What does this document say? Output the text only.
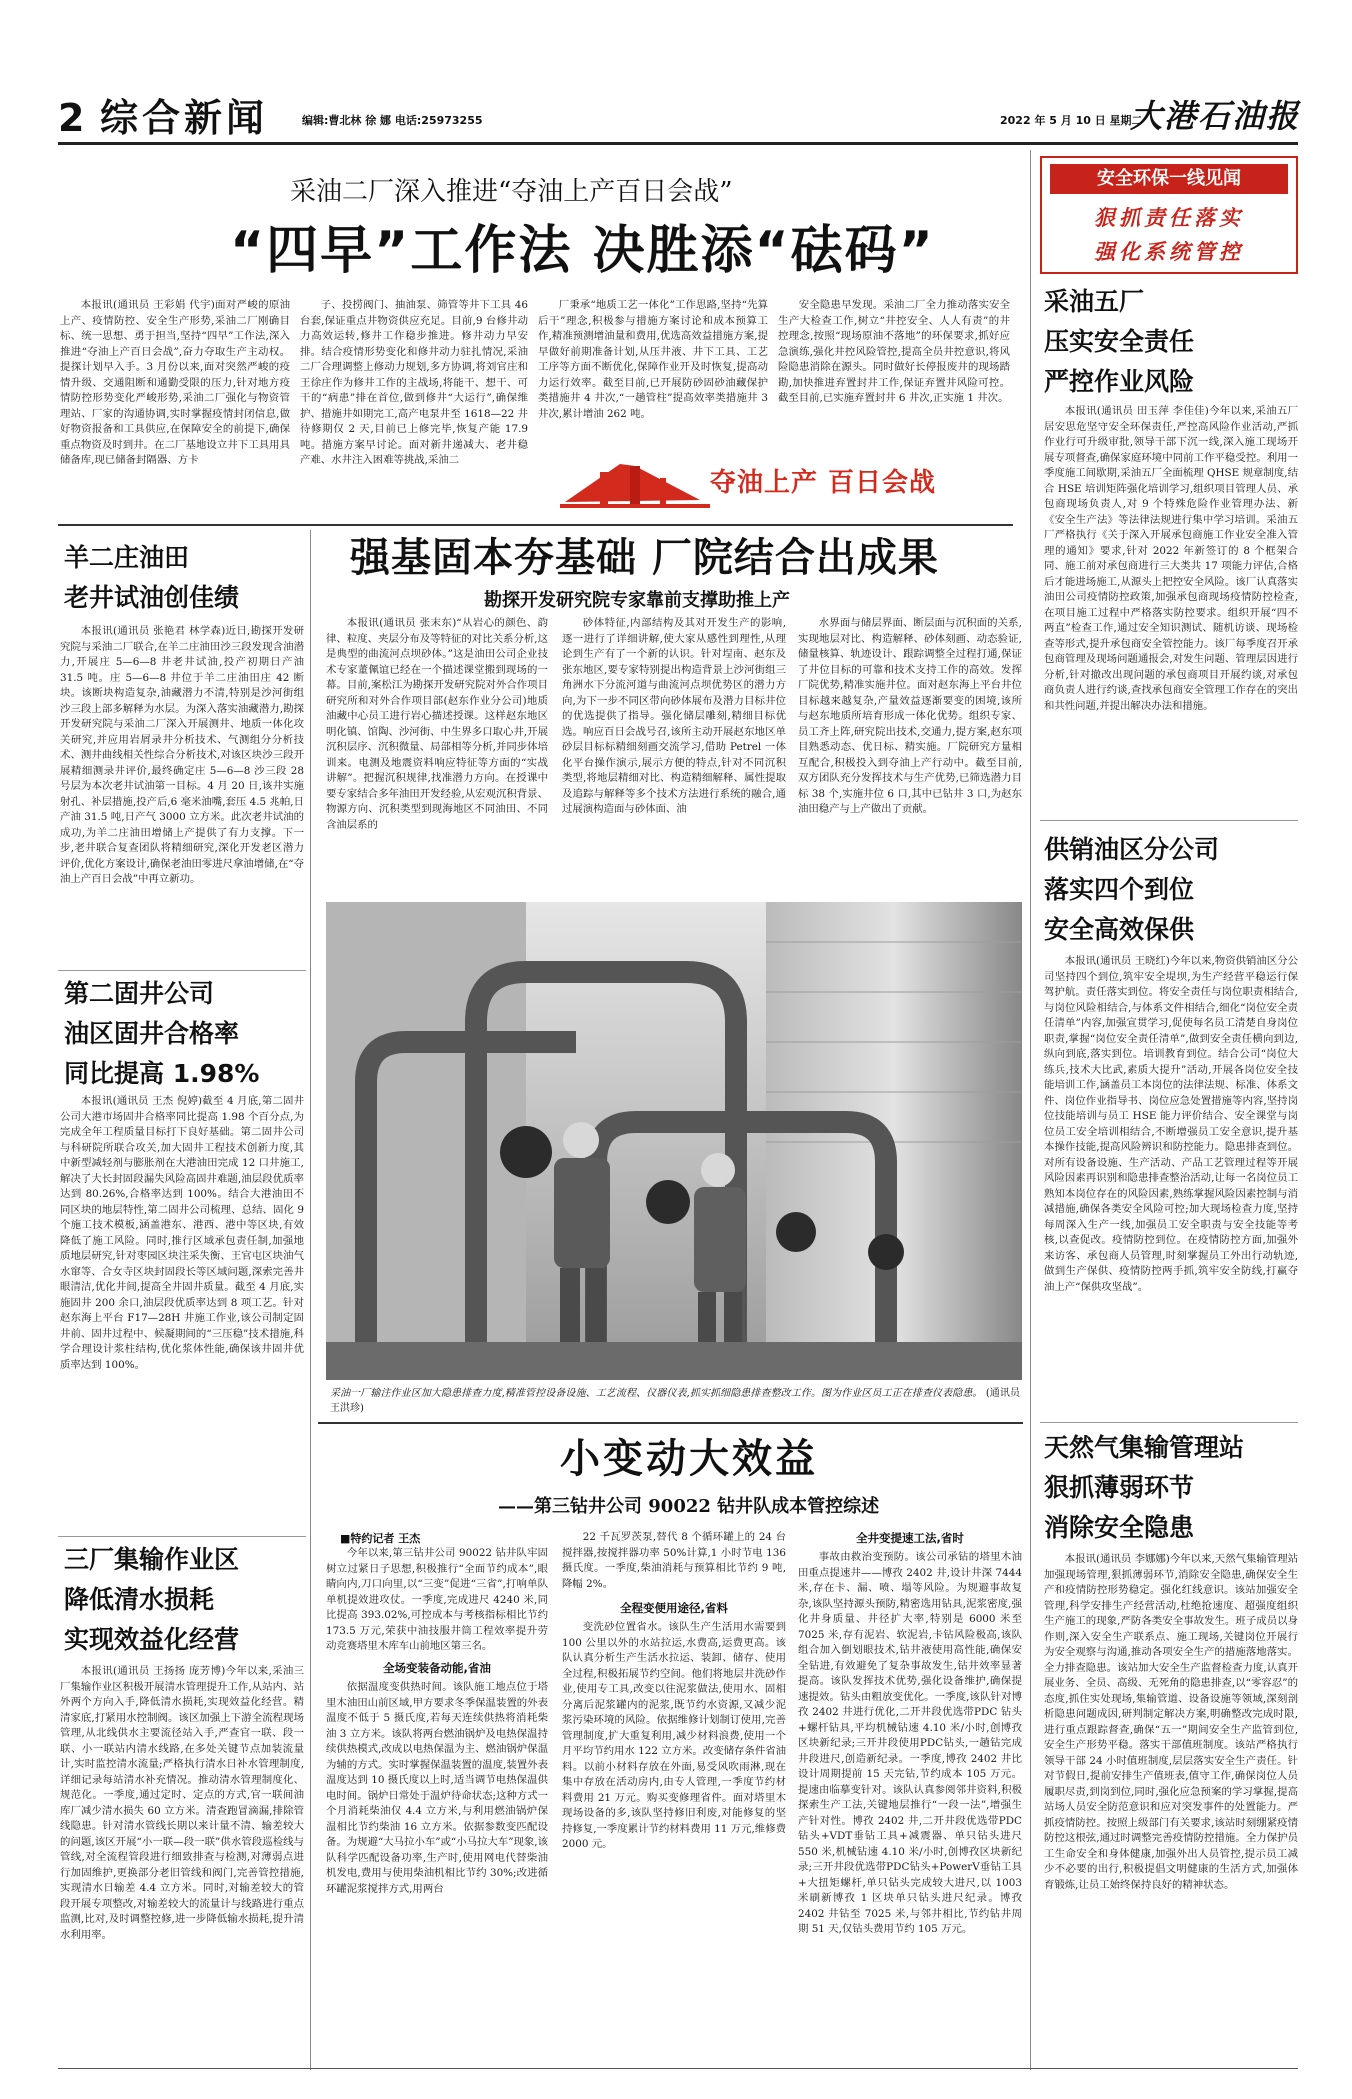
2 综合新闻	编辑:曹北林 徐 娜 电话:25973255	2022 年 5 月 10 日 星期二
大港石油报
采油二厂深入推进“夺油上产百日会战”
“四早”工作法 决胜添“砝码”
本报讯(通讯员 王彩娟 代宇)面对严峻的原油上产、疫情防控、安全生产形势,采油二厂刚确目标、统一思想、勇于担当,坚持“四早”工作法,深入推进“夺油上产百日会战”,奋力夺取生产主动权。提探计划早入手。3 月份以来,面对突然严峻的疫情升级、交通阻断和通勤受限的压力,针对地方疫情防控形势变化严峻形势,采油二厂强化与物资管理站、厂家的沟通协调,实时掌握疫情封闭信息,做好物资报备和工具供应,在保障安全的前提下,确保重点物资及时到井。在二厂基地设立井下工具用具储备库,现已储备封隔器、方卡
子、投捞阀门、抽油泵、筛管等井下工具 46 台套,保证重点井物资供应充足。目前,9 台修井动力高效运转,修井工作稳步推进。修井动力早安排。结合疫情形势变化和修井动力驻扎情况,采油二厂合理调整上修动力规划,多方协调,将刘官庄和王徐庄作为修井工作的主战场,将能干、想干、可干的“病患”排在首位,做到修井“大运行”,确保维护、措施井如期完工,高产电泵井至 1618—22 井待修期仅 2 天,目前已上修完毕,恢复产能 17.9 吨。措施方案早讨论。面对新井递减大、老井稳产难、水井注入困难等挑战,采油二
厂秉承“地质工艺一体化”工作思路,坚持“先算后干”理念,积极参与措施方案讨论和成本预算工作,精准预测增油量和费用,优选高效益措施方案,提早做好前期准备计划,从压井液、井下工具、工艺工序等方面不断优化,保障作业开及时恢复,提高动力运行效率。截至目前,已开展防砂固砂油藏保护类措施井 4 井次,“一趟管柱”提高效率类措施井 3 井次,累计增油 262 吨。
安全隐患早发现。采油二厂全力推动落实安全生产大检查工作,树立“井控安全、人人有责”的井控理念,按照“现场原油不落地”的环保要求,抓好应急演练,强化井控风险管控,提高全员井控意识,将风险隐患消除在源头。同时做好长停报废井的现场踏勘,加快推进弃置封井工作,保证弃置井风险可控。截至目前,已实施弃置封井 6 井次,正实施 1 井次。
夺油上产 百日会战
安全环保一线见闻
狠抓责任落实
强化系统管控
采油五厂
压实安全责任
严控作业风险
本报讯(通讯员 田玉萍 李佳佳)今年以来,采油五厂居安思危坚守安全环保责任,严控高风险作业活动,严抓作业行可升级审批,领导干部下沉一线,深入施工现场开展专项督查,确保家庭环境中同前工作平稳受控。利用一季度施工间歇期,采油五厂全面梳理 QHSE 规章制度,结合 HSE 培训矩阵强化培训学习,组织项目管理人员、承包商现场负责人,对 9 个特殊危险作业管理办法、新《安全生产法》等法律法规进行集中学习培训。采油五厂严格执行《关于深入开展承包商施工作业安全准入管理的通知》要求,针对 2022 年新签订的 8 个框架合同、施工前对承包商进行三大类共 17 项能力评估,合格后才能进场施工,从源头上把控安全风险。该厂认真落实油田公司疫情防控政策,加强承包商现场疫情防控检查,在项目施工过程中严格落实防控要求。组织开展“四不两直”检查工作,通过安全知识测试、随机访谈、现场检查等形式,提升承包商安全管控能力。该厂每季度召开承包商管理及现场问题通报会,对发生问题、管理层因进行分析,针对撤改出现问题的承包商项目开展约谈,对承包商负责人进行约谈,查找承包商安全管理工作存在的突出和共性问题,并提出解决办法和措施。
供销油区分公司
落实四个到位
安全高效保供
本报讯(通讯员 王晓红)今年以来,物资供销油区分公司坚持四个到位,筑牢安全堤坝,为生产经营平稳运行保驾护航。责任落实到位。将安全责任与岗位职责相结合,与岗位风险相结合,与体系文件相结合,细化“岗位安全责任清单”内容,加强宣贯学习,促使每名员工清楚自身岗位职责,掌握“岗位安全责任清单”,做到安全责任横向到边,纵向到底,落实到位。培训教育到位。结合公司“岗位大练兵,技术大比武,素质大提升”活动,开展各岗位安全技能培训工作,涵盖员工本岗位的法律法规、标准、体系文件、岗位作业指导书、岗位应急处置措施等内容,坚持岗位技能培训与员工 HSE 能力评价结合、安全课堂与岗位员工安全培训相结合,不断增强员工安全意识,提升基本操作技能,提高风险辨识和防控能力。隐患排查到位。对所有设备设施、生产活动、产品工艺管理过程等开展风险因素再识别和隐患排查整治活动,让每一名岗位员工熟知本岗位存在的风险因素,熟练掌握风险因素控制与消减措施,确保各类安全风险可控;加大现场检查力度,坚持每周深入生产一线,加强员工安全职责与安全技能等考核,以查促改。疫情防控到位。在疫情防控方面,加强外来访客、承包商人员管理,时刻掌握员工外出行动轨迹,做到生产保供、疫情防控两手抓,筑牢安全防线,打赢夺油上产“保供攻坚战”。
天然气集输管理站
狠抓薄弱环节
消除安全隐患
本报讯(通讯员 李娜娜)今年以来,天然气集输管理站加强现场管理,狠抓薄弱环节,消除安全隐患,确保安全生产和疫情防控形势稳定。强化红线意识。该站加强安全管理,科学安排生产经营活动,杜绝抢速度、超强度组织生产施工的现象,严防各类安全事故发生。班子成员以身作则,深入安全生产联系点、施工现场,关键岗位开展行为安全观察与沟通,推动各项安全生产的措施落地落实。全力排查隐患。该站加大安全生产监督检查力度,认真开展业务、全员、高级、无死角的隐患排查,以“零容忍”的态度,抓住实处现场,集输管道、设备设施等领域,深刻剖析隐患问题成因,研判制定解决方案,明确整改完成时限,进行重点跟踪督查,确保“五一”期间安全生产监管到位,安全生产形势平稳。落实干部值班制度。该站严格执行领导干部 24 小时值班制度,层层落实安全生产责任。针对节假日,提前安排生产值班表,值守工作,确保岗位人员履职尽责,到岗到位,同时,强化应急预案的学习掌握,提高站场人员安全防范意识和应对突发事件的处置能力。严抓疫情防控。按照上级部门有关要求,该站时刻绷紧疫情防控这根弦,通过时调整完善疫情防控措施。全力保护员工生命安全和身体健康,加强外出人员管控,提示员工减少不必要的出行,积极提倡文明健康的生活方式,加强体育锻炼,让员工始终保持良好的精神状态。
羊二庄油田
老井试油创佳绩
本报讯(通讯员 张艳君 林学森)近日,勘探开发研究院与采油二厂联合,在羊二庄油田沙三段发现含油潜力,开展庄 5—6—8 井老井试油,投产初期日产油 31.5 吨。庄 5—6—8 井位于羊二庄油田庄 42 断块。该断块构造复杂,油藏潜力不清,特别是沙河街组沙三段上部多解释为水层。为深入落实油藏潜力,勘探开发研究院与采油二厂深入开展测井、地质一体化攻关研究,并应用岩屑录井分析技术、气测组分分析技术、测井曲线相关性综合分析技术,对该区块沙三段开展精细测录井评价,最终确定庄 5—6—8 沙三段 28 号层为本次老井试油第一目标。4 月 20 日,该井实施射孔、补层措施,投产后,6 毫米油嘴,套压 4.5 兆帕,日产油 31.5 吨,日产气 3000 立方米。此次老井试油的成功,为羊二庄油田增储上产提供了有力支撑。下一步,老井联合复查团队将精细研究,深化开发老区潜力评价,优化方案设计,确保老油田零进尺拿油增储,在“夺油上产百日会战”中再立新功。
第二固井公司
油区固井合格率
同比提高 1.98%
本报讯(通讯员 王杰 倪婷)截至 4 月底,第二固井公司大港市场固井合格率同比提高 1.98 个百分点,为完成全年工程质量目标打下良好基础。第二固井公司与科研院所联合攻关,加大固井工程技术创新力度,其中新型减轻剂与膨胀剂在大港油田完成 12 口井施工,解决了大长封固段漏失风险高固井难题,油层段优质率达到 80.26%,合格率达到 100%。结合大港油田不同区块的地层特性,第二固井公司梳理、总结、固化 9 个施工技术模板,涵盖港东、港西、港中等区块,有效降低了施工风险。同时,推行区域承包责任制,加强地质地层研究,针对枣园区块注采失衡、王官屯区块油气水窜等、合女寺区块封固段长等区域问题,深索完善井眼清洁,优化井间,提高全井固井质量。截至 4 月底,实施固井 200 余口,油层段优质率达到 8 项工艺。针对赵东海上平台 F17—28H 井施工作业,该公司制定固井前、固井过程中、候凝期间的“三压稳”技术措施,科学合理设计浆柱结构,优化浆体性能,确保该井固井优质率达到 100%。
三厂集输作业区
降低清水损耗
实现效益化经营
本报讯(通讯员 王扬扬 庞芳博)今年以来,采油三厂集输作业区积极开展清水管理提升工作,从站内、站外两个方向入手,降低清水损耗,实现效益化经营。精清家底,打紧用水控制阀。该区加强上下游全流程现场管理,从北线供水主要流径站入手,严查官一联、段一联、小一联站内清水线路,在多处关键节点加装流量计,实时监控清水流量;严格执行清水日补水管理制度,详细记录每站清水补充情况。推动清水管理制度化、规范化。一季度,通过定时、定点的方式,官一联间油库厂减少清水损失 60 立方米。清查跑冒滴漏,排除管线隐患。针对清水管线长期以来计量不清、输差较大的问题,该区开展“小一联—段一联”供水管段巡检线与管线,对全流程管段进行细致排查与检测,对薄弱点进行加固维护,更换部分老旧管线和阀门,完善管控措施,实现清水日输差 4.4 立方米。同时,对输差较大的管段开展专项整改,对输差较大的流量计与线路进行重点监测,比对,及时调整控修,进一步降低输水损耗,提升清水利用率。
强基固本夯基础 厂院结合出成果
勘探开发研究院专家靠前支撑助推上产
本报讯(通讯员 张末东)“从岩心的颜色、韵律、粒度、夹层分布及等特征的对比关系分析,这是典型的曲流河点坝砂体。”这是油田公司企业技术专家董佩谊已经在一个描述课堂搬到现场的一幕。目前,案松江为勘探开发研究院对外合作项目研究所和对外合作项目部(赵东作业分公司)地质油藏中心员工进行岩心描述授课。这样赵东地区明化镇、馆陶、沙河街、中生界多口取心井,开展沉积层序、沉积微量、局部相等分析,并同步体培训来。电测及地震资料响应特征等方面的“实战讲解”。把握沉积规律,找准潜力方向。在授课中要专家结合多年油田开发经验,从宏观沉积背景、物源方向、沉积类型到现海地区不同油田、不同含油层系的
砂体特征,内部结构及其对开发生产的影响,逐一进行了详细讲解,使大家从感性到理性,从理论到生产有了一个新的认识。针对埕南、赵东及张东地区,要专家特别提出构造背景上沙河街组三角洲水下分流河道与曲流河点坝优势区的潜力方向,为下一步不同区带向砂体展布及潜力目标井位的优选提供了指导。强化储层雕刻,精细目标优选。响应百日会战号召,该所主动开展赵东地区单砂层目标标精细刻画交流学习,借助 Petrel 一体化平台操作演示,展示方便的特点,针对不同沉积类型,将地层精细对比、构造精细解释、属性提取及追踪与解释等多个技术方法进行系统的融合,通过展演构造面与砂体面、油
水界面与储层界面、断层面与沉积面的关系,实现地层对比、构造解释、砂体刻画、动态验证,储量核算、轨迹设计、跟踪调整全过程打通,保证了井位目标的可靠和技术支持工作的高效。发挥厂院优势,精准实施井位。面对赵东海上平台井位目标越来越复杂,产量效益逐渐要变的困境,该所与赵东地质所培育形成一体化优势。组织专家、员工齐上阵,研究院出技术,交通力,提方案,赵东项目熟悉动态、优日标、精实施。厂院研究方量相互配合,积极投入到夺油上产行动中。截至目前,双方团队充分发挥技术与生产优势,已筛选潜力目标 38 个,实施井位 6 口,其中已钻井 3 口,为赵东油田稳产与上产做出了贡献。
采油一厂输注作业区加大隐患排查力度,精准管控设备设施、工艺流程、仪器仪表,抓实抓细隐患排查整改工作。图为作业区员工正在排查仪表隐患。 (通讯员 王洪珍)
小变动大效益
——第三钻井公司 90022 钻井队成本管控综述
■特约记者 王杰
今年以来,第三钻井公司 90022 钻井队牢固树立过紧日子思想,积极推行“全面节约成本”,眼睛向内,刀口向里,以“三变”促进“三省”,打响单队单机提效进攻仗。一季度,完成进尺 4240 米,同比提高 393.02%,可控成本与考核指标相比节约 173.5 万元,荣获中油技服井筒工程效率提升劳动竞赛塔里木库车山前地区第三名。
全场变装备动能,省油
依据温度变供热时间。该队施工地点位于塔里木油田山前区域,甲方要求冬季保温装置的外表温度不低于 5 摄氏度,若每天连续供热将消耗柴油 3 立方米。该队将两台燃油锅炉及电热保温持续供热模式,改成以电热保温为主、燃油锅炉保温为辅的方式。实时掌握保温装置的温度,装置外表温度达到 10 摄氏度以上时,适当调节电热保温供电时间。锅炉日常处于温炉待命状态;这种方式一个月消耗柴油仅 4.4 立方米,与利用燃油锅炉保温相比节约柴油 16 立方米。依据参数变匹配设备。为规避“大马拉小车”或“小马拉大车”现象,该队科学匹配设备功率,生产时,使用网电代替柴油机发电,费用与使用柴油机相比节约 30%;改进循环罐泥浆搅拌方式,用两台
22 千瓦罗茨泵,替代 8 个循环罐上的 24 台搅拌器,按搅拌器功率 50%计算,1 小时节电 136 摄氏度。一季度,柴油消耗与预算相比节约 9 吨,降幅 2%。
全程变便用途径,省料
变洗砂位置省水。该队生产生活用水需要到 100 公里以外的水站拉运,水费高,运费更高。该队认真分析生产生活水拉运、装卸、储存、使用全过程,积极拓展节约空间。他们将地层井洗砂作业,使用专工具,改变以往泥浆做法,使用水、固相分离后泥浆罐内的泥浆,既节约水资源,又减少泥浆污染环境的风险。依据维修计划制订使用,完善管理制度,扩大重复利用,减少材料浪费,使用一个月平均节约用水 122 立方米。改变储存条件省油料。以前小材料存放在外面,易受风吹雨淋,现在集中存放在活动房内,由专人管理,一季度节约材料费用 21 万元。购买变修理省件。面对塔里木现场设备的多,该队坚持修旧利废,对能修复的坚持修复,一季度累计节约材料费用 11 万元,维修费 2000 元。
全井变提速工法,省时
事故由救治变预防。该公司承钻的塔里木油田重点提速井——博孜 2402 井,设计井深 7444 米,存在卡、漏、喷、塌等风险。为规避事故复杂,该队坚持源头预防,精密选用钻具,泥浆密度,强化井身质量、井径扩大率,特别是 6000 米至 7025 米,存有泥岩、软泥岩,卡钻风险极高,该队组合加入倒划眼技术,钻井液使用高性能,确保安全钻进,有效避免了复杂事故发生,钻井效率显著提高。该队发挥技术优势,强化设备维护,确保提速提效。钻头由粗放变优化。一季度,该队针对博孜 2402 井进行优化,二开井段优选带PDC 钻头+螺杆钻具,平均机械钻速 4.10 米/小时,创博孜区块新纪录;三开井段使用PDC钻头,一趟钻完成井段进尺,创造新纪录。一季度,博孜 2402 井比设计周期提前 15 天完钻,节约成本 105 万元。提速由临摹变针对。该队认真参阅邻井资料,积极探索生产工法,关键地层推行“一段一法”,增强生产针对性。博孜 2402 井,二开井段优选带PDC钻头+VDT垂钻工具+减震器、单只钻头进尺 550 米,机械钻速 4.10 米/小时,创博孜区块新纪录;三开井段优选带PDC钻头+PowerV垂钻工具+大扭矩螺杆,单只钻头完成较大进尺,以 1003 米刷新博孜 1 区块单只钻头进尺纪录。博孜 2402 井钻至 7025 米,与邻井相比,节约钻井周期 51 天,仅钻头费用节约 105 万元。
